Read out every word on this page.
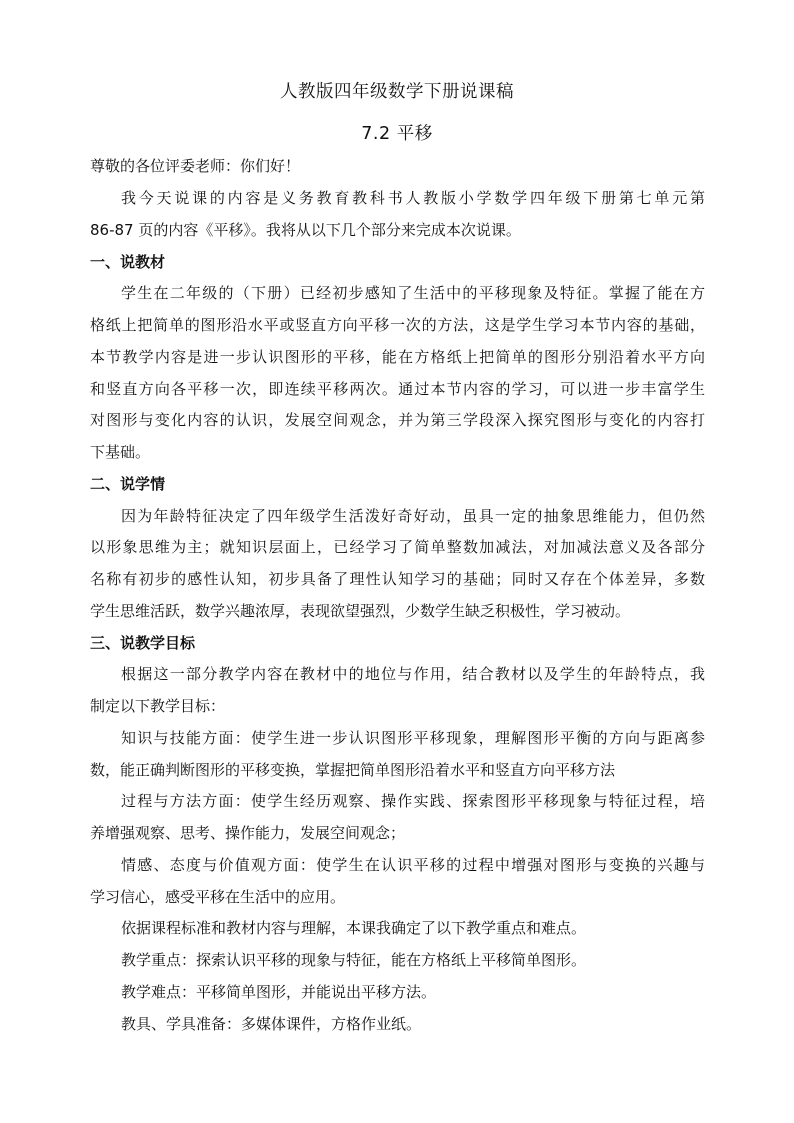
人教版四年级数学下册说课稿
7.2 平移
尊敬的各位评委老师：你们好！
我今天说课的内容是义务教育教科书人教版小学数学四年级下册第七单元第
86-87 页的内容《平移》。我将从以下几个部分来完成本次说课。
一、说教材
学生在二年级的（下册）已经初步感知了生活中的平移现象及特征。掌握了能在方
格纸上把简单的图形沿水平或竖直方向平移一次的方法，这是学生学习本节内容的基础，
本节教学内容是进一步认识图形的平移，能在方格纸上把简单的图形分别沿着水平方向
和竖直方向各平移一次，即连续平移两次。通过本节内容的学习，可以进一步丰富学生
对图形与变化内容的认识，发展空间观念，并为第三学段深入探究图形与变化的内容打
下基础。
二、说学情
因为年龄特征决定了四年级学生活泼好奇好动，虽具一定的抽象思维能力，但仍然
以形象思维为主；就知识层面上，已经学习了简单整数加减法，对加减法意义及各部分
名称有初步的感性认知，初步具备了理性认知学习的基础；同时又存在个体差异，多数
学生思维活跃，数学兴趣浓厚，表现欲望强烈，少数学生缺乏积极性，学习被动。
三、说教学目标
根据这一部分教学内容在教材中的地位与作用，结合教材以及学生的年龄特点，我
制定以下教学目标：
知识与技能方面：使学生进一步认识图形平移现象，理解图形平衡的方向与距离参
数，能正确判断图形的平移变换，掌握把简单图形沿着水平和竖直方向平移方法
过程与方法方面：使学生经历观察、操作实践、探索图形平移现象与特征过程，培
养增强观察、思考、操作能力，发展空间观念；
情感、态度与价值观方面：使学生在认识平移的过程中增强对图形与变换的兴趣与
学习信心，感受平移在生活中的应用。
依据课程标准和教材内容与理解，本课我确定了以下教学重点和难点。
教学重点：探索认识平移的现象与特征，能在方格纸上平移简单图形。
教学难点：平移简单图形，并能说出平移方法。
教具、学具准备：多媒体课件，方格作业纸。
